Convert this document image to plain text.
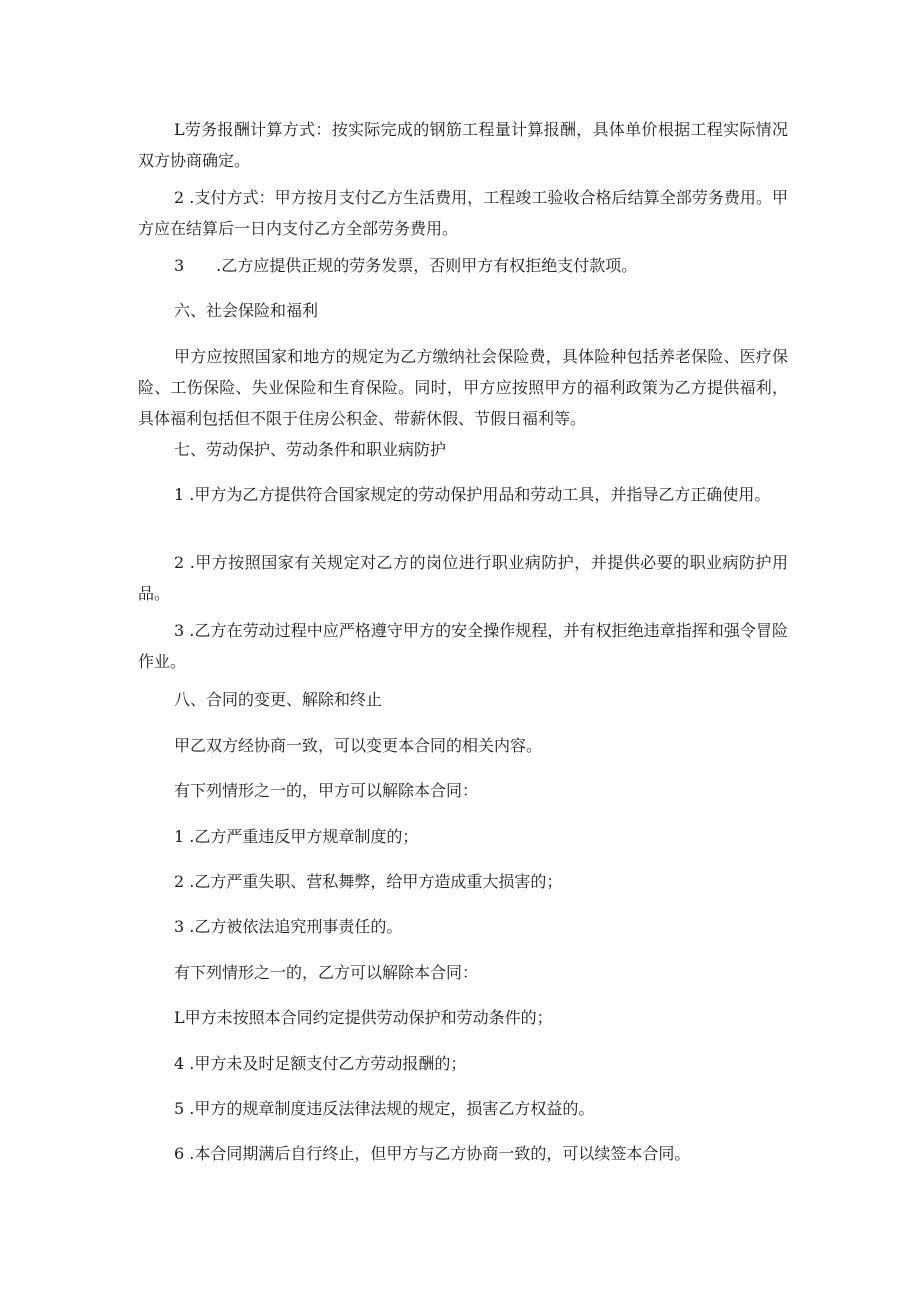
L劳务报酬计算方式：按实际完成的钢筋工程量计算报酬，具体单价根据工程实际情况双方协商确定。

2 .支付方式：甲方按月支付乙方生活费用，工程竣工验收合格后结算全部劳务费用。甲方应在结算后一日内支付乙方全部劳务费用。

3　　.乙方应提供正规的劳务发票，否则甲方有权拒绝支付款项。

六、社会保险和福利

甲方应按照国家和地方的规定为乙方缴纳社会保险费，具体险种包括养老保险、医疗保险、工伤保险、失业保险和生育保险。同时，甲方应按照甲方的福利政策为乙方提供福利，具体福利包括但不限于住房公积金、带薪休假、节假日福利等。

七、劳动保护、劳动条件和职业病防护

1 .甲方为乙方提供符合国家规定的劳动保护用品和劳动工具，并指导乙方正确使用。

2 .甲方按照国家有关规定对乙方的岗位进行职业病防护，并提供必要的职业病防护用品。

3 .乙方在劳动过程中应严格遵守甲方的安全操作规程，并有权拒绝违章指挥和强令冒险作业。

八、合同的变更、解除和终止

甲乙双方经协商一致，可以变更本合同的相关内容。

有下列情形之一的，甲方可以解除本合同：

1 .乙方严重违反甲方规章制度的；

2 .乙方严重失职、营私舞弊，给甲方造成重大损害的；

3 .乙方被依法追究刑事责任的。

有下列情形之一的，乙方可以解除本合同：

L甲方未按照本合同约定提供劳动保护和劳动条件的；

4 .甲方未及时足额支付乙方劳动报酬的；

5 .甲方的规章制度违反法律法规的规定，损害乙方权益的。

6 .本合同期满后自行终止，但甲方与乙方协商一致的，可以续签本合同。
